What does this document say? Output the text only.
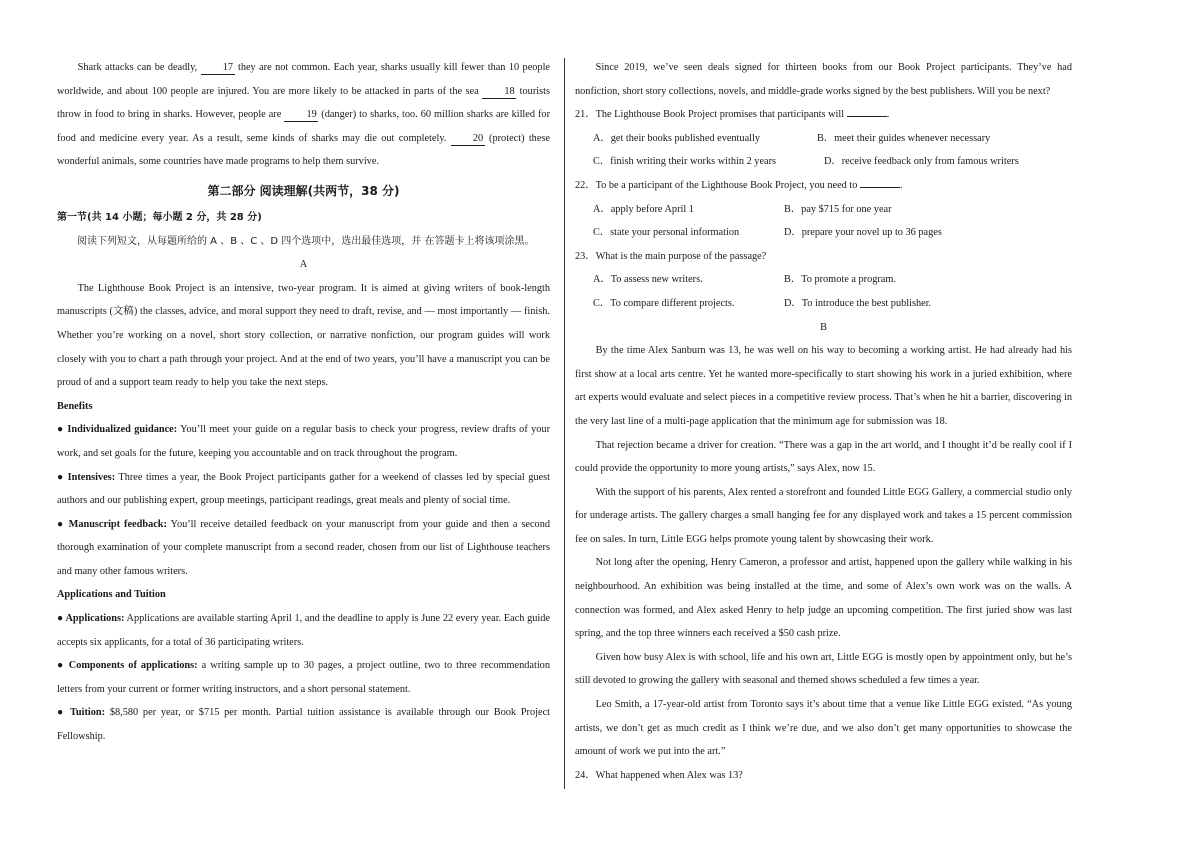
Shark attacks can be deadly, 17 they are not common. Each year, sharks usually kill fewer than 10 people worldwide, and about 100 people are injured. You are more likely to be attacked in parts of the sea 18 tourists throw in food to bring in sharks. However, people are 19 (danger) to sharks, too. 60 million sharks are killed for food and medicine every year. As a result, seme kinds of sharks may die out completely. 20 (protect) these wonderful animals, some countries have made programs to help them survive.

第二部分 阅读理解(共两节，38 分)

第一节(共 14 小题；每小题 2 分，共 28 分)

阅读下列短文，从每题所给的 A 、B 、C 、D 四个选项中，选出最佳选项，并 在答题卡上将该项涂黑。

A

The Lighthouse Book Project is an intensive, two-year program. It is aimed at giving writers of book-length manuscripts (文稿) the classes, advice, and moral support they need to draft, revise, and — most importantly — finish. Whether you’re working on a novel, short story collection, or narrative nonfiction, our program guides will work closely with you to chart a path through your project. And at the end of two years, you’ll have a manuscript you can be proud of and a support team ready to help you take the next steps.

Benefits

● Individualized guidance: You’ll meet your guide on a regular basis to check your progress, review drafts of your work, and set goals for the future, keeping you accountable and on track throughout the program.

● Intensives: Three times a year, the Book Project participants gather for a weekend of classes led by special guest authors and our publishing expert, group meetings, participant readings, great meals and plenty of social time.

● Manuscript feedback: You’ll receive detailed feedback on your manuscript from your guide and then a second thorough examination of your complete manuscript from a second reader, chosen from our list of Lighthouse teachers and many other famous writers.

Applications and Tuition

● Applications: Applications are available starting April 1, and the deadline to apply is June 22 every year. Each guide accepts six applicants, for a total of 36 participating writers.

● Components of applications: a writing sample up to 30 pages, a project outline, two to three recommendation letters from your current or former writing instructors, and a short personal statement.

● Tuition: $8,580 per year, or $715 per month. Partial tuition assistance is available through our Book Project Fellowship.

Since 2019, we’ve seen deals signed for thirteen books from our Book Project participants. They’ve had nonfiction, short story collections, novels, and middle-grade works signed by the best publishers. Will you be next?

21．The Lighthouse Book Project promises that participants will	.
A．get their books published eventually	B．meet their guides whenever necessary
C．finish writing their works within 2 years	D．receive feedback only from famous writers
22．To be a participant of the Lighthouse Book Project, you need to	.
A．apply before April 1	B．pay $715 for one year
C．state your personal information	D．prepare your novel up to 36 pages
23．What is the main purpose of the passage?
A．To assess new writers.	B．To promote a program.
C．To compare different projects.	D．To introduce the best publisher.

B

By the time Alex Sanburn was 13, he was well on his way to becoming a working artist. He had already had his first show at a local arts centre. Yet he wanted more-specifically to start showing his work in a juried exhibition, where art experts would evaluate and select pieces in a competitive review process. That’s when he hit a barrier, discovering in the very last line of a multi-page application that the minimum age for submission was 18.

That rejection became a driver for creation. “There was a gap in the art world, and I thought it’d be really cool if I could provide the opportunity to more young artists,” says Alex, now 15.

With the support of his parents, Alex rented a storefront and founded Little EGG Gallery, a commercial studio only for underage artists. The gallery charges a small hanging fee for any displayed work and takes a 15 percent commission fee on sales. In turn, Little EGG helps promote young talent by showcasing their work.

Not long after the opening, Henry Cameron, a professor and artist, happened upon the gallery while walking in his neighbourhood. An exhibition was being installed at the time, and some of Alex’s own work was on the walls. A connection was formed, and Alex asked Henry to help judge an upcoming competition. The first juried show was last spring, and the top three winners each received a $50 cash prize.

Given how busy Alex is with school, life and his own art, Little EGG is mostly open by appointment only, but he’s still devoted to growing the gallery with seasonal and themed shows scheduled a few times a year.

Leo Smith, a 17-year-old artist from Toronto says it’s about time that a venue like Little EGG existed. “As young artists, we don’t get as much credit as I think we’re due, and we also don’t get many opportunities to showcase the amount of work we put into the art.”

24．What happened when Alex was 13?
